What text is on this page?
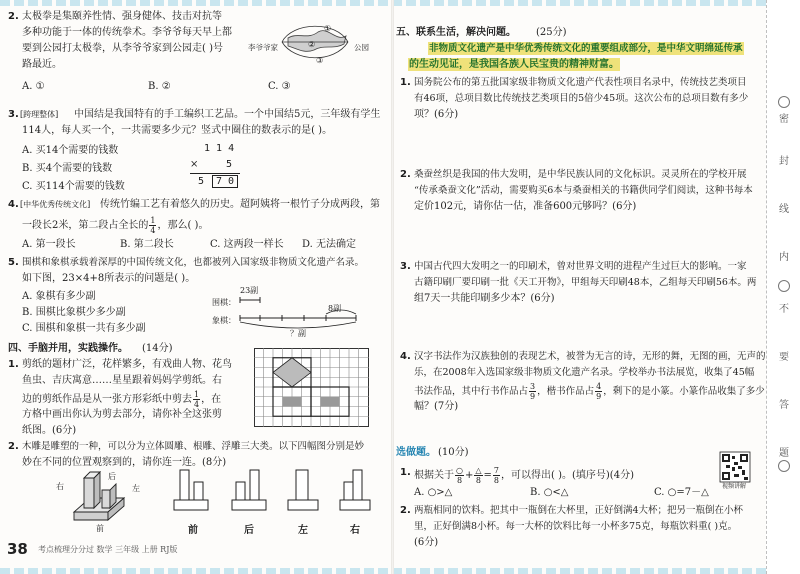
2. 太极拳是集颐养性情、强身健体、技击对抗等
多种功能于一体的传统拳术。李爷爷每天早上都
要到公园打太极拳，从李爷爷家到公园走( )号
路最近。
A. ①	B. ②	C. ③
李爷爷家	公园
①
②
③
3. [跨理整体] 中国结是我国特有的手工编织工艺品。一个中国结5元，三年级有学生
114人，每人买一个，一共需要多少元？竖式中圈住的数表示的是( )。
A. 买14个需要的钱数
B. 买4个需要的钱数
C. 买114个需要的钱数
1 1 4
×	5
5	7 0
4. [中华优秀传统文化] 传统竹编工艺有着悠久的历史。超阿姨将一根竹子分成两段，第
一段长2米，第二段占全长的 $\frac{1}{4}$ ，那么( )。
A. 第一段长	B. 第二段长	C. 这两段一样长 D. 无法确定
5. 围棋和象棋承载着深厚的中国传统文化，也都被列入国家级非物质文化遗产名录。
如下图，23×4+8所表示的问题是( )。
A. 象棋有多少副
B. 围棋比象棋少多少副
C. 围棋和象棋一共有多少副
围棋：
象棋：
23副
8副
？副
四、手脑并用，实践操作。 (14分)
1. 剪纸的题材广泛，花样繁多，有戏曲人物、花鸟
鱼虫、吉庆寓意……星星跟着妈妈学剪纸。右
边的剪纸作品是从一张方形彩纸中剪去 $\frac{1}{4}$ ，在
方格中画出你认为剪去部分，请你补全这张剪
纸图。(6分)
2. 木雕是雕塑的一种，可以分为立体圆雕、根雕、浮雕三大类。以下四幅图分别是妙
妙在不同的位置观察到的，请你连一连。(8分)
右	左
前
后
前	后	左	右
38 考点梳理分分过 数学 三年级 上册 RJ版
五、联系生活，解决问题。 (25分)
非物质文化遗产是中华优秀传统文化的重要组成部分，是中华文明绵延传承
的生动见证，是我国各族人民宝贵的精神财富。
1. 国务院公布的第五批国家级非物质文化遗产代表性项目名录中，传统技艺类项目
有46项，总项目数比传统技艺类项目的5倍少45项。这次公布的总项目数有多少
项？(6分)
2. 桑蚕丝织是我国的伟大发明，是中华民族认同的文化标识。灵灵所在的学校开展
“传承桑蚕文化”活动，需要购买6本与桑蚕相关的书籍供同学们阅读，这种书每本
定价102元，请你估一估，准备600元够吗？(6分)
3. 中国古代四大发明之一的印刷术，曾对世界文明的进程产生过巨大的影响。一家
古籍印刷厂要印刷一批《天工开物》，甲组每天印刷48本，乙组每天印刷56本。两
组7天一共能印刷多少本？(6分)
4. 汉字书法作为汉族独创的表现艺术，被誉为无言的诗，无形的舞，无图的画，无声的
乐，在2008年入选国家级非物质文化遗产名录。学校举办书法展览，收集了45幅
书法作品，其中行书作品占 $\frac{3}{9}$ ，楷书作品占 $\frac{4}{9}$ ，剩下的是小篆。小篆作品收集了多少
幅？(7分)
选做题。 (10分)
1. 根据关于 $\frac{○}{8} + \frac{\triangle}{8} = \frac{7}{8}$ ，可以得出( )。(填序号)(4分)
A. ○>△	B. ○<△	C. ○=7－△
视频讲解
2. 两瓶相同的饮料。把其中一瓶倒在大杯里，正好倒满4大杯；把另一瓶倒在小杯
里，正好倒满8小杯。每一大杯的饮料比每一小杯多75克，每瓶饮料重( )克。
(6分)
密
封
线
内
不
要
答
题
